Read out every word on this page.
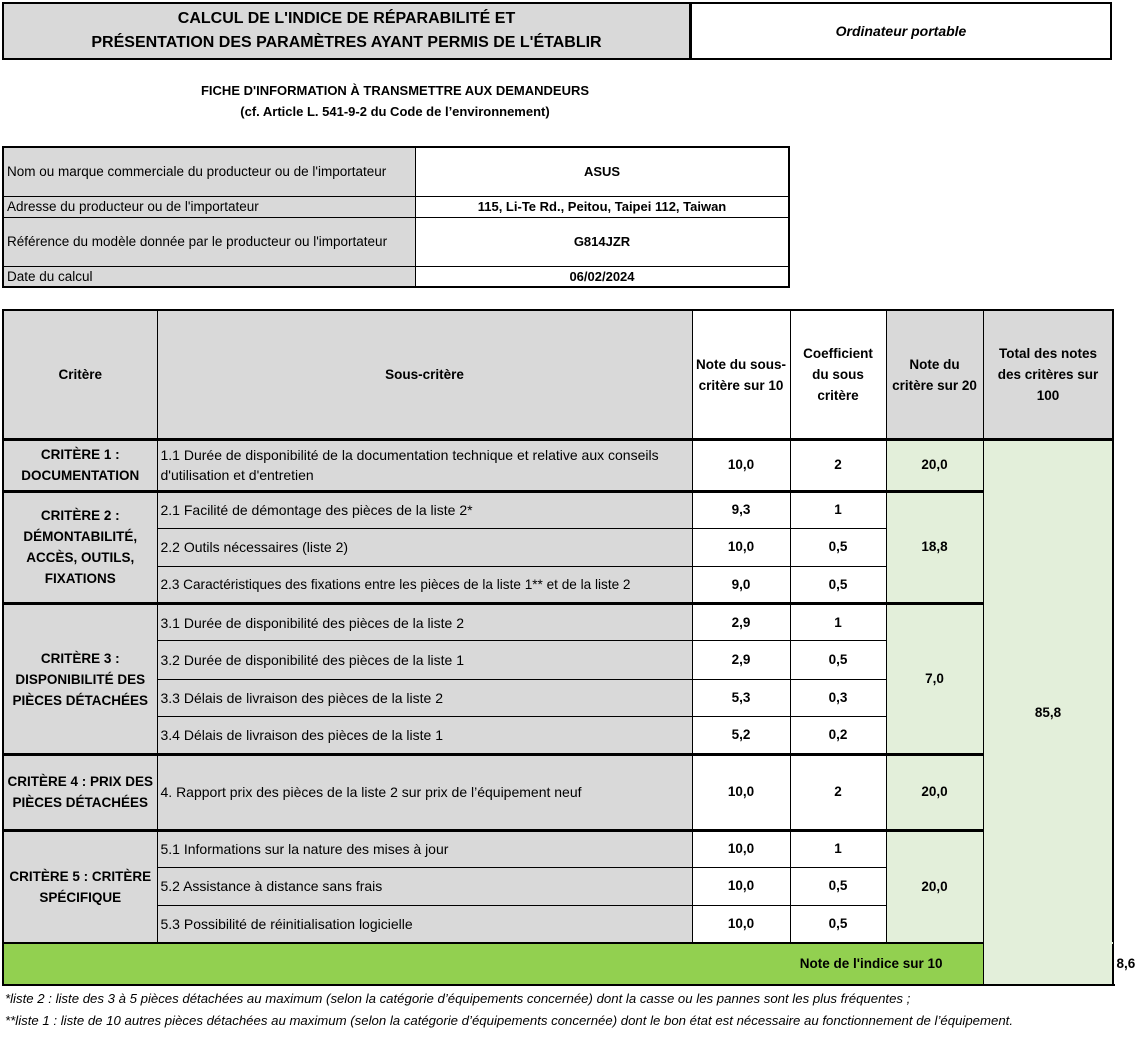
CALCUL DE L'INDICE DE RÉPARABILITÉ ET
PRÉSENTATION DES PARAMÈTRES AYANT PERMIS DE L'ÉTABLIR
Ordinateur portable
FICHE D'INFORMATION À TRANSMETTRE AUX DEMANDEURS
(cf. Article L. 541-9-2 du Code de l’environnement)
Nom ou marque commerciale du producteur ou de l'importateur	ASUS
Adresse du producteur ou de l'importateur	115, Li-Te Rd., Peitou, Taipei 112, Taiwan
Référence du modèle donnée par le producteur ou l'importateur	G814JZR
Date du calcul	06/02/2024
Critère	Sous-critère	Note du sous-critère sur 10	Coefficient du sous critère	Note du critère sur 20	Total des notes des critères sur 100	
CRITÈRE 1 : DOCUMENTATION	1.1 Durée de disponibilité de la documentation technique et relative aux conseils d'utilisation et d'entretien	10,0	2	20,0	85,8	
CRITÈRE 2 : DÉMONTABILITÉ, ACCÈS, OUTILS, FIXATIONS	2.1 Facilité de démontage des pièces de la liste 2*	9,3	1	18,8		
	2.2 Outils nécessaires (liste 2)	10,0	0,5			
	2.3 Caractéristiques des fixations entre les pièces de la liste 1** et de la liste 2	9,0	0,5			
CRITÈRE 3 : DISPONIBILITÉ DES PIÈCES DÉTACHÉES	3.1 Durée de disponibilité des pièces de la liste 2	2,9	1	7,0		
	3.2 Durée de disponibilité des pièces de la liste 1	2,9	0,5			
	3.3 Délais de livraison des pièces de la liste 2	5,3	0,3			
	3.4 Délais de livraison des pièces de la liste 1	5,2	0,2			
CRITÈRE 4 : PRIX DES PIÈCES DÉTACHÉES	4. Rapport prix des pièces de la liste 2 sur prix de l’équipement neuf	10,0	2	20,0		
CRITÈRE 5 : CRITÈRE SPÉCIFIQUE	5.1 Informations sur la nature des mises à jour	10,0	1	20,0		
	5.2 Assistance à distance sans frais	10,0	0,5			
	5.3 Possibilité de réinitialisation logicielle	10,0	0,5			
Note de l'indice sur 10						8,6
*liste 2 : liste des 3 à 5 pièces détachées au maximum (selon la catégorie d’équipements concernée) dont la casse ou les pannes sont les plus fréquentes ;
**liste 1 : liste de 10 autres pièces détachées au maximum (selon la catégorie d’équipements concernée) dont le bon état est nécessaire au fonctionnement de l’équipement.
